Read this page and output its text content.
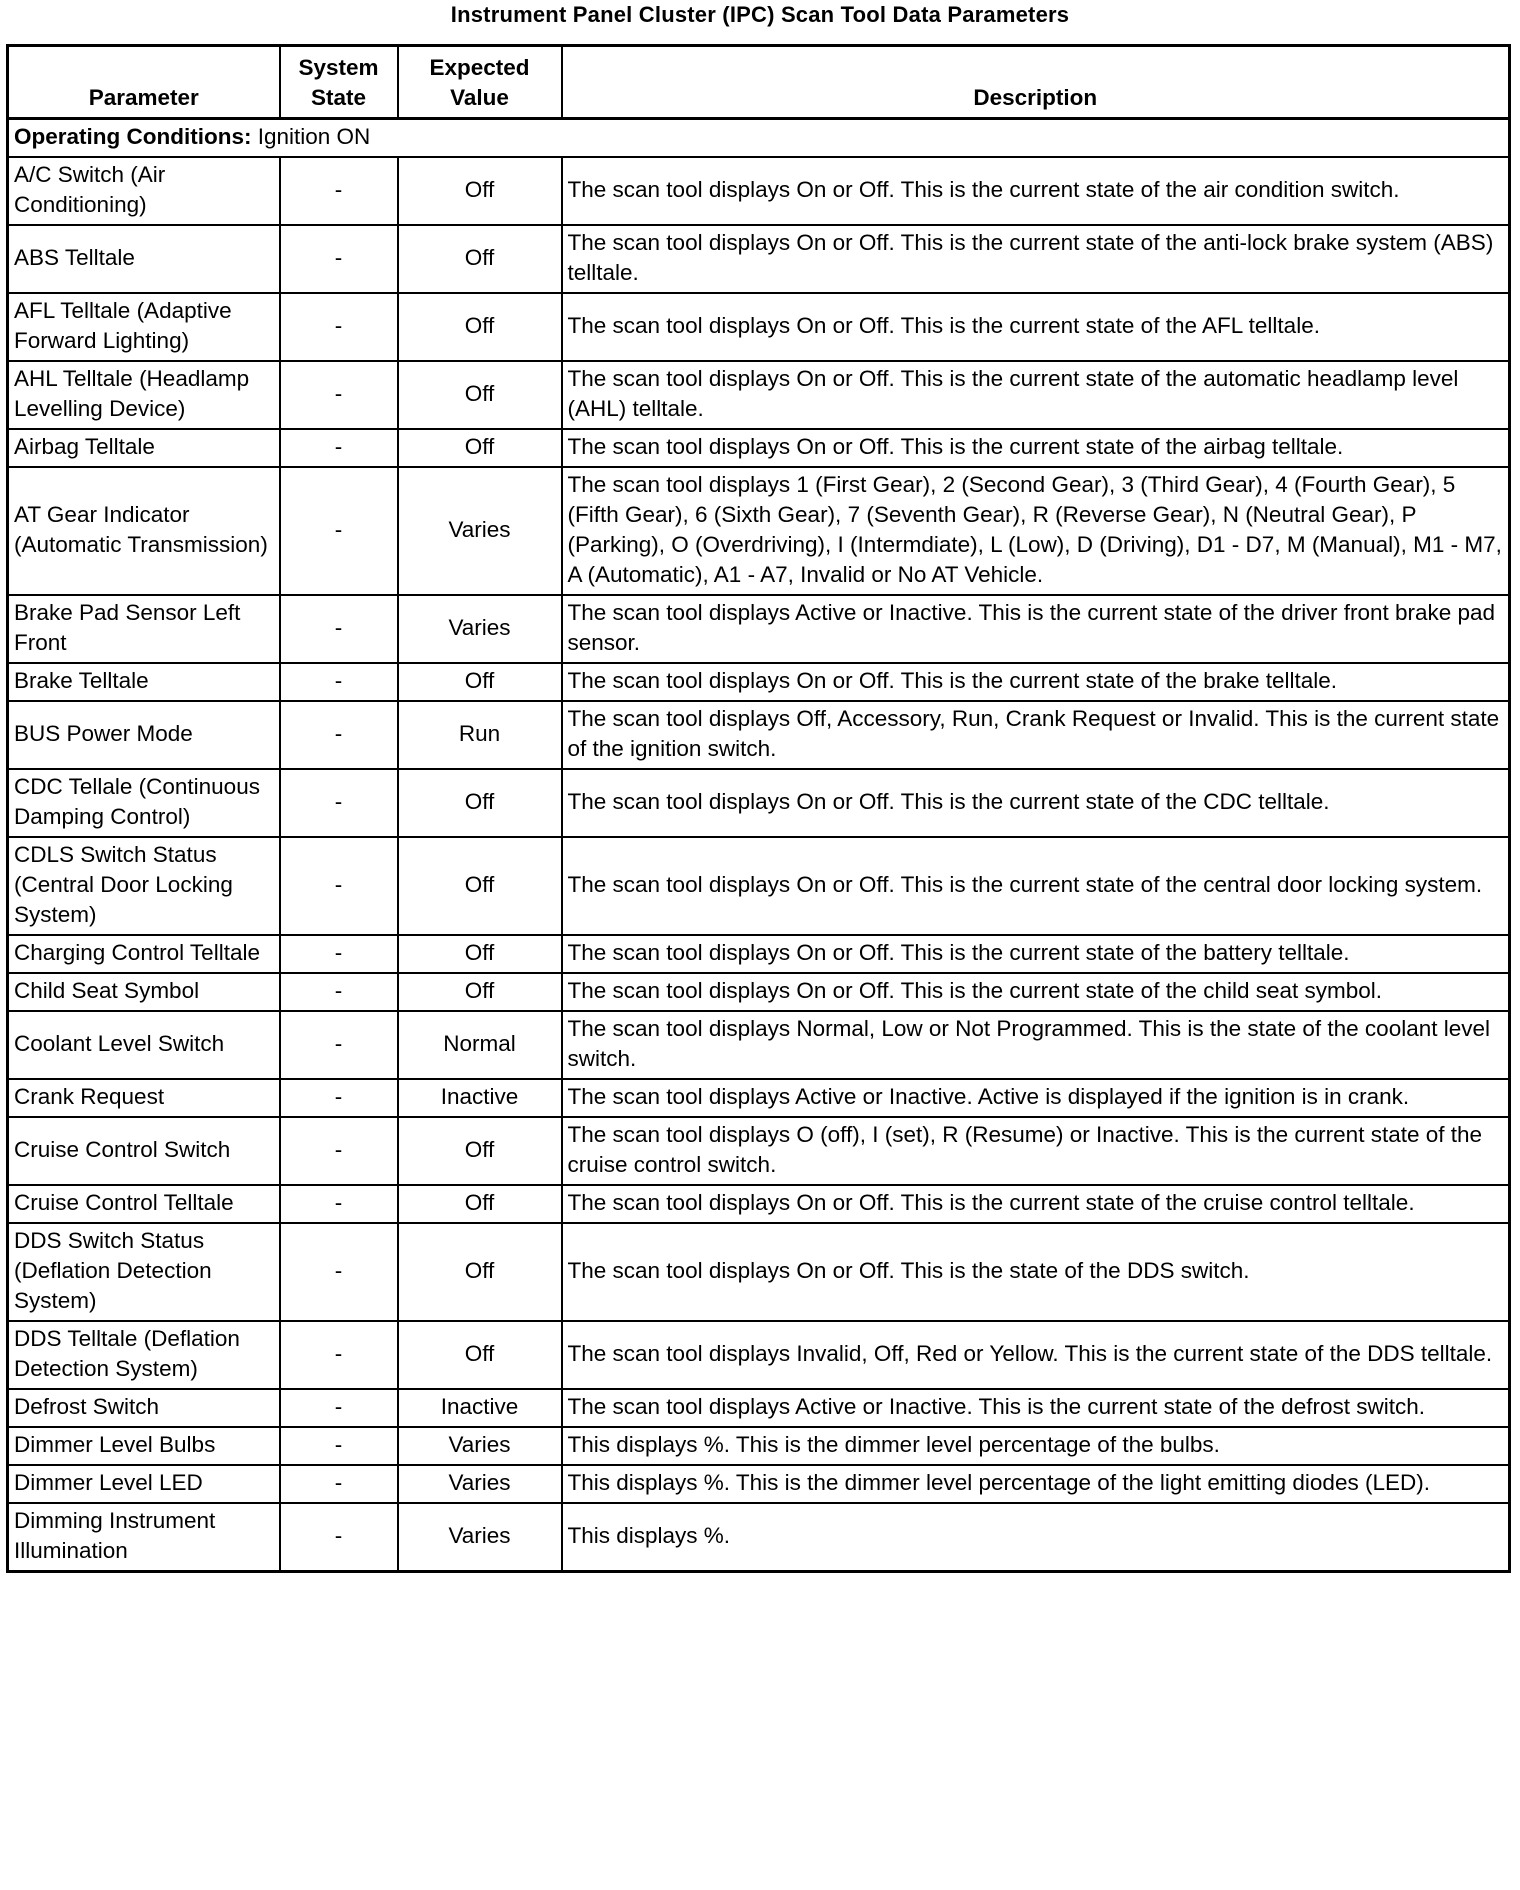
Instrument Panel Cluster (IPC) Scan Tool Data Parameters
Parameter	System State	Expected Value	Description
Operating Conditions: Ignition ON			
A/C Switch (Air Conditioning)	-	Off	The scan tool displays On or Off. This is the current state of the air condition switch.
ABS Telltale	-	Off	The scan tool displays On or Off. This is the current state of the anti-lock brake system (ABS) telltale.
AFL Telltale (Adaptive Forward Lighting)	-	Off	The scan tool displays On or Off. This is the current state of the AFL telltale.
AHL Telltale (Headlamp Levelling Device)	-	Off	The scan tool displays On or Off. This is the current state of the automatic headlamp level (AHL) telltale.
Airbag Telltale	-	Off	The scan tool displays On or Off. This is the current state of the airbag telltale.
AT Gear Indicator (Automatic Transmission)	-	Varies	The scan tool displays 1 (First Gear), 2 (Second Gear), 3 (Third Gear), 4 (Fourth Gear), 5 (Fifth Gear), 6 (Sixth Gear), 7 (Seventh Gear), R (Reverse Gear), N (Neutral Gear), P (Parking), O (Overdriving), I (Intermdiate), L (Low), D (Driving), D1 - D7, M (Manual), M1 - M7, A (Automatic), A1 - A7, Invalid or No AT Vehicle.
Brake Pad Sensor Left Front	-	Varies	The scan tool displays Active or Inactive. This is the current state of the driver front brake pad sensor.
Brake Telltale	-	Off	The scan tool displays On or Off. This is the current state of the brake telltale.
BUS Power Mode	-	Run	The scan tool displays Off, Accessory, Run, Crank Request or Invalid. This is the current state of the ignition switch.
CDC Tellale (Continuous Damping Control)	-	Off	The scan tool displays On or Off. This is the current state of the CDC telltale.
CDLS Switch Status (Central Door Locking System)	-	Off	The scan tool displays On or Off. This is the current state of the central door locking system.
Charging Control Telltale	-	Off	The scan tool displays On or Off. This is the current state of the battery telltale.
Child Seat Symbol	-	Off	The scan tool displays On or Off. This is the current state of the child seat symbol.
Coolant Level Switch	-	Normal	The scan tool displays Normal, Low or Not Programmed. This is the state of the coolant level switch.
Crank Request	-	Inactive	The scan tool displays Active or Inactive. Active is displayed if the ignition is in crank.
Cruise Control Switch	-	Off	The scan tool displays O (off), I (set), R (Resume) or Inactive. This is the current state of the cruise control switch.
Cruise Control Telltale	-	Off	The scan tool displays On or Off. This is the current state of the cruise control telltale.
DDS Switch Status (Deflation Detection System)	-	Off	The scan tool displays On or Off. This is the state of the DDS switch.
DDS Telltale (Deflation Detection System)	-	Off	The scan tool displays Invalid, Off, Red or Yellow. This is the current state of the DDS telltale.
Defrost Switch	-	Inactive	The scan tool displays Active or Inactive. This is the current state of the defrost switch.
Dimmer Level Bulbs	-	Varies	This displays %. This is the dimmer level percentage of the bulbs.
Dimmer Level LED	-	Varies	This displays %. This is the dimmer level percentage of the light emitting diodes (LED).
Dimming Instrument Illumination	-	Varies	This displays %.
